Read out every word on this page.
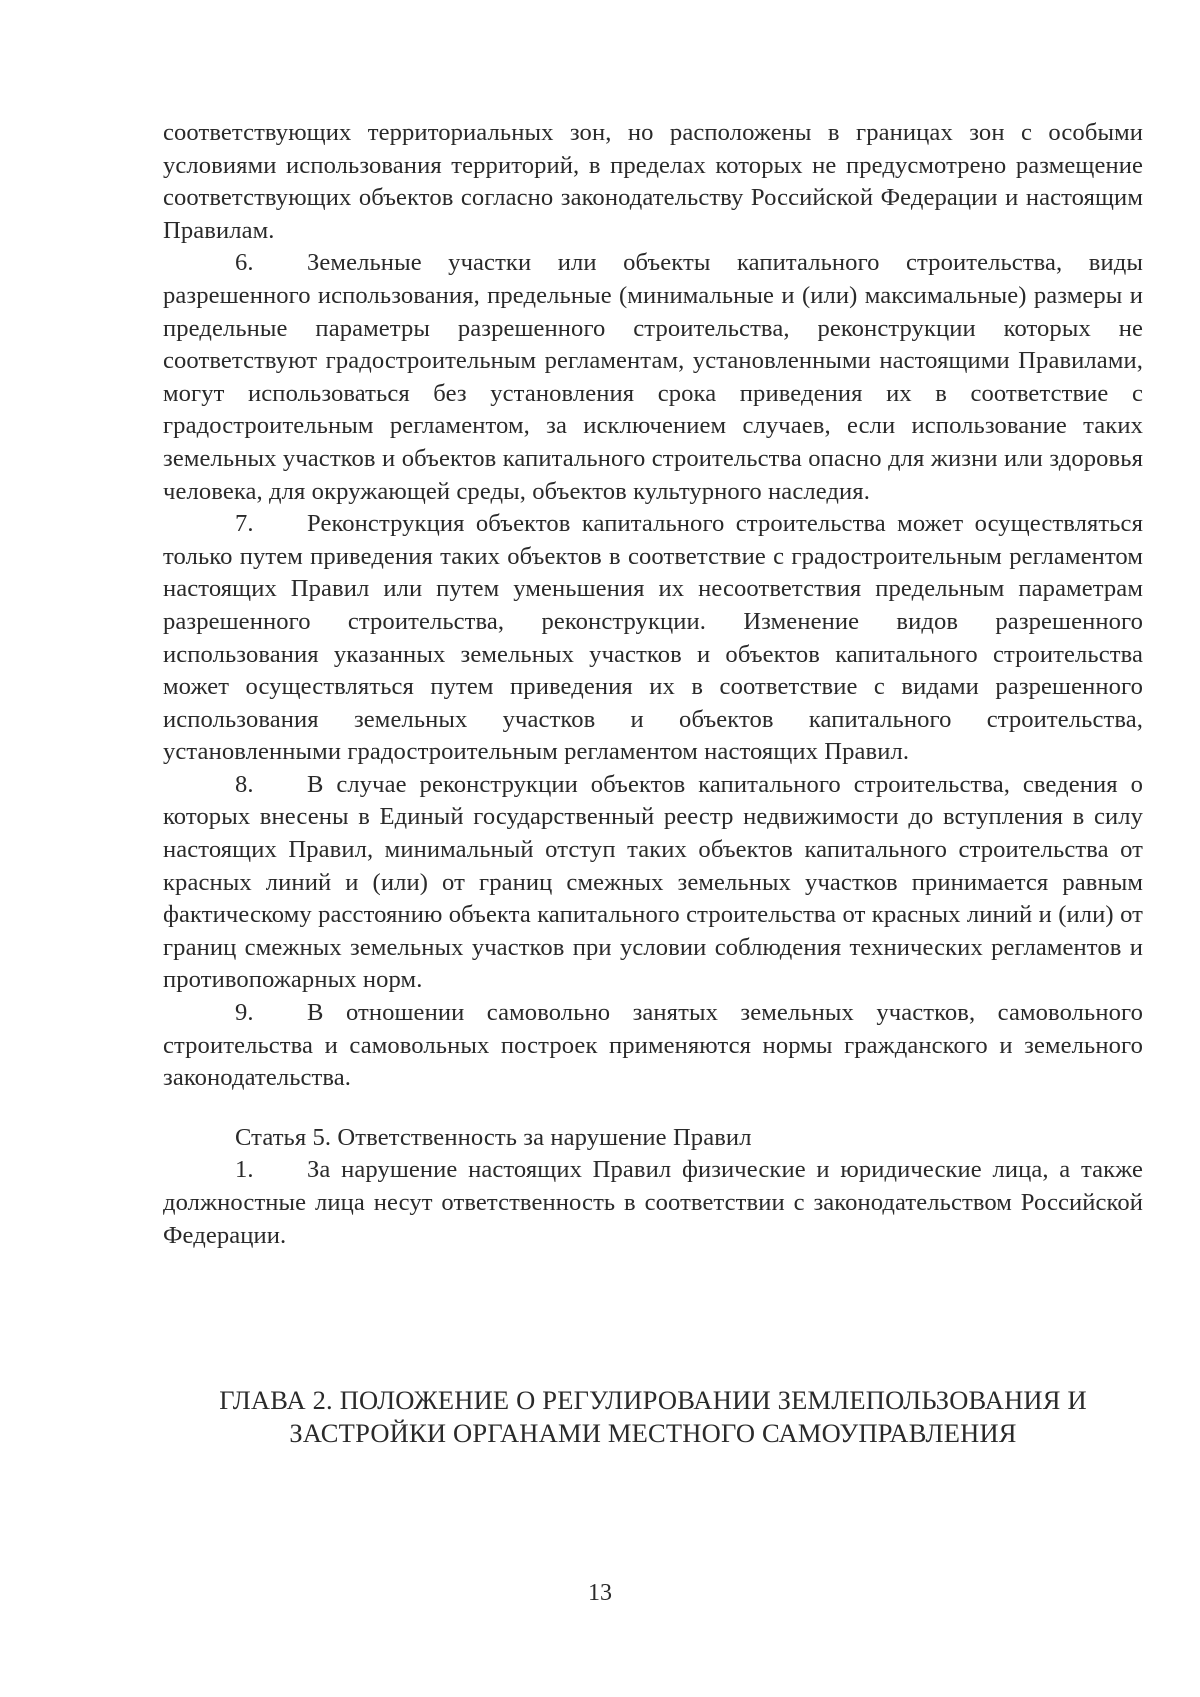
соответствующих территориальных зон, но расположены в границах зон с особыми условиями использования территорий, в пределах которых не предусмотрено размещение соответствующих объектов согласно законодательству Российской Федерации и настоящим Правилам.

6. Земельные участки или объекты капитального строительства, виды разрешенного использования, предельные (минимальные и (или) максимальные) размеры и предельные параметры разрешенного строительства, реконструкции которых не соответствуют градостроительным регламентам, установленными настоящими Правилами, могут использоваться без установления срока приведения их в соответствие с градостроительным регламентом, за исключением случаев, если использование таких земельных участков и объектов капитального строительства опасно для жизни или здоровья человека, для окружающей среды, объектов культурного наследия.

7. Реконструкция объектов капитального строительства может осуществляться только путем приведения таких объектов в соответствие с градостроительным регламентом настоящих Правил или путем уменьшения их несоответствия предельным параметрам разрешенного строительства, реконструкции. Изменение видов разрешенного использования указанных земельных участков и объектов капитального строительства может осуществляться путем приведения их в соответствие с видами разрешенного использования земельных участков и объектов капитального строительства, установленными градостроительным регламентом настоящих Правил.

8. В случае реконструкции объектов капитального строительства, сведения о которых внесены в Единый государственный реестр недвижимости до вступления в силу настоящих Правил, минимальный отступ таких объектов капитального строительства от красных линий и (или) от границ смежных земельных участков принимается равным фактическому расстоянию объекта капитального строительства от красных линий и (или) от границ смежных земельных участков при условии соблюдения технических регламентов и противопожарных норм.

9. В отношении самовольно занятых земельных участков, самовольного строительства и самовольных построек применяются нормы гражданского и земельного законодательства.

Статья 5. Ответственность за нарушение Правил

1. За нарушение настоящих Правил физические и юридические лица, а также должностные лица несут ответственность в соответствии с законодательством Российской Федерации.

ГЛАВА 2. ПОЛОЖЕНИЕ О РЕГУЛИРОВАНИИ ЗЕМЛЕПОЛЬЗОВАНИЯ И ЗАСТРОЙКИ ОРГАНАМИ МЕСТНОГО САМОУПРАВЛЕНИЯ
13
